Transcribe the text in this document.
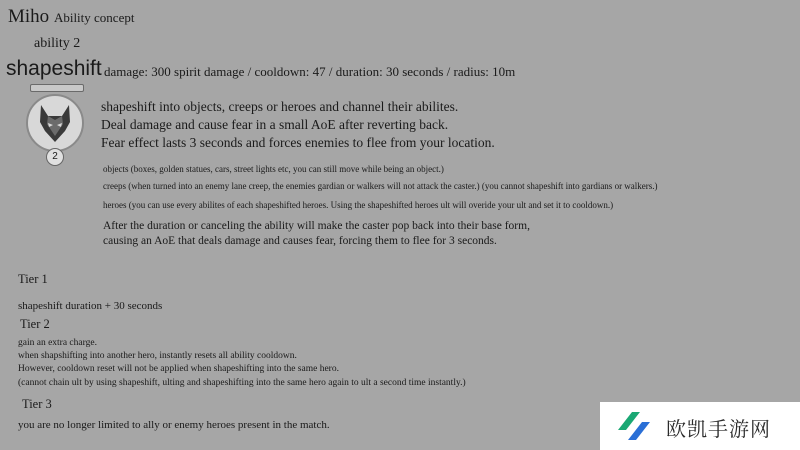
Miho Ability concept
ability 2
shapeshift damage: 300 spirit damage / cooldown: 47 / duration: 30 seconds / radius: 10m
2
shapeshift into objects, creeps or heroes and channel their abilites.
Deal damage and cause fear in a small AoE after reverting back.
Fear effect lasts 3 seconds and forces enemies to flee from your location.
objects (boxes, golden statues, cars, street lights etc, you can still move while being an object.)
creeps (when turned into an enemy lane creep, the enemies gardian or walkers will not attack the caster.) (you cannot shapeshift into gardians or walkers.)
heroes (you can use every abilites of each shapeshifted heroes. Using the shapeshifted heroes ult will overide your ult and set it to cooldown.)
After the duration or canceling the ability will make the caster pop back into their base form,
causing an AoE that deals damage and causes fear, forcing them to flee for 3 seconds.
Tier 1
shapeshift duration + 30 seconds
Tier 2
gain an extra charge.
when shapshifting into another hero, instantly resets all ability cooldown.
However, cooldown reset will not be applied when shapeshifting into the same hero.
(cannot chain ult by using shapeshift, ulting and shapeshifting into the same hero again to ult a second time instantly.)
Tier 3
you are no longer limited to ally or enemy heroes present in the match.	欧凯手游网
